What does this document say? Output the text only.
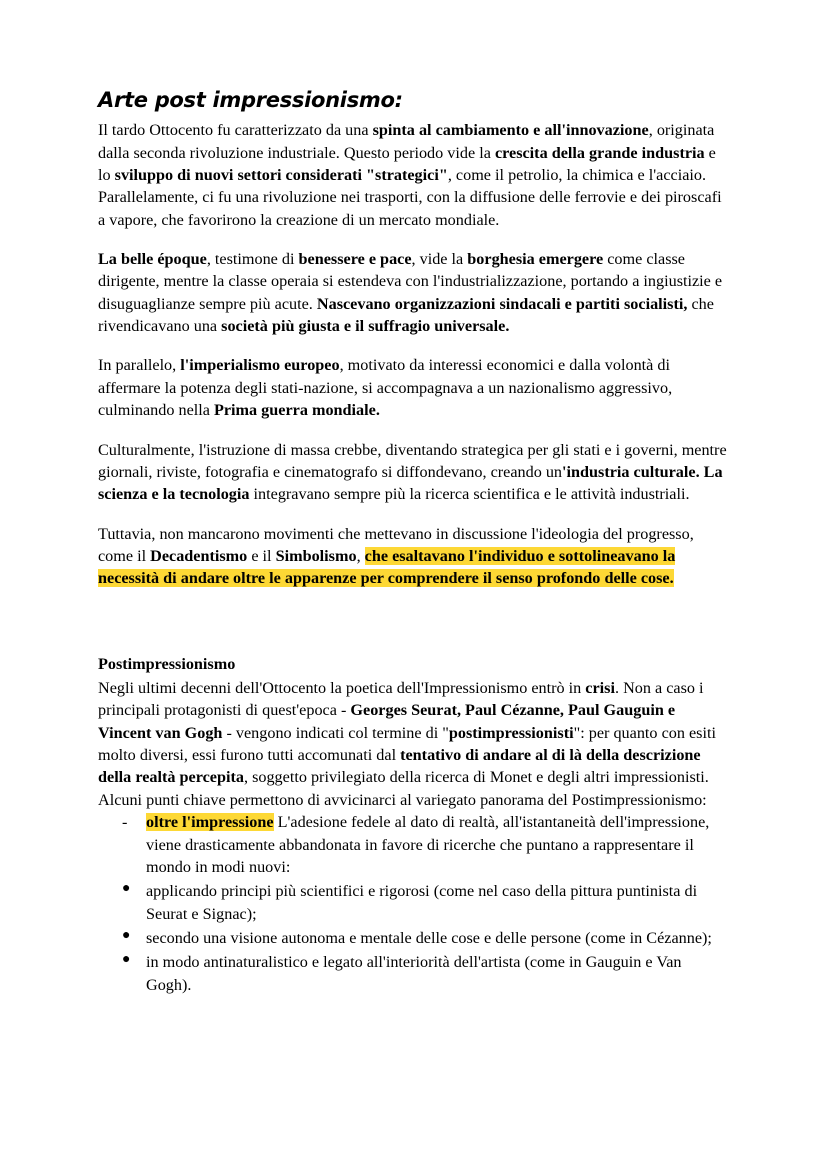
Arte post impressionismo:

Il tardo Ottocento fu caratterizzato da una spinta al cambiamento e all'innovazione, originata dalla seconda rivoluzione industriale. Questo periodo vide la crescita della grande industria e lo sviluppo di nuovi settori considerati "strategici", come il petrolio, la chimica e l'acciaio. Parallelamente, ci fu una rivoluzione nei trasporti, con la diffusione delle ferrovie e dei piroscafi a vapore, che favorirono la creazione di un mercato mondiale.

La belle époque, testimone di benessere e pace, vide la borghesia emergere come classe dirigente, mentre la classe operaia si estendeva con l'industrializzazione, portando a ingiustizie e disuguaglianze sempre più acute. Nascevano organizzazioni sindacali e partiti socialisti, che rivendicavano una società più giusta e il suffragio universale.

In parallelo, l'imperialismo europeo, motivato da interessi economici e dalla volontà di affermare la potenza degli stati-nazione, si accompagnava a un nazionalismo aggressivo, culminando nella Prima guerra mondiale.

Culturalmente, l'istruzione di massa crebbe, diventando strategica per gli stati e i governi, mentre giornali, riviste, fotografia e cinematografo si diffondevano, creando un'industria culturale. La scienza e la tecnologia integravano sempre più la ricerca scientifica e le attività industriali.

Tuttavia, non mancarono movimenti che mettevano in discussione l'ideologia del progresso, come il Decadentismo e il Simbolismo, che esaltavano l'individuo e sottolineavano la necessità di andare oltre le apparenze per comprendere il senso profondo delle cose.

Postimpressionismo

Negli ultimi decenni dell'Ottocento la poetica dell'Impressionismo entrò in crisi. Non a caso i principali protagonisti di quest'epoca - Georges Seurat, Paul Cézanne, Paul Gauguin e Vincent van Gogh - vengono indicati col termine di "postimpressionisti": per quanto con esiti molto diversi, essi furono tutti accomunati dal tentativo di andare al di là della descrizione della realtà percepita, soggetto privilegiato della ricerca di Monet e degli altri impressionisti.

Alcuni punti chiave permettono di avvicinarci al variegato panorama del Postimpressionismo:

- oltre l'impressione L'adesione fedele al dato di realtà, all'istantaneità dell'impressione, viene drasticamente abbandonata in favore di ricerche che puntano a rappresentare il mondo in modi nuovi:
● applicando principi più scientifici e rigorosi (come nel caso della pittura puntinista di Seurat e Signac);
● secondo una visione autonoma e mentale delle cose e delle persone (come in Cézanne);
● in modo antinaturalistico e legato all'interiorità dell'artista (come in Gauguin e Van Gogh).
